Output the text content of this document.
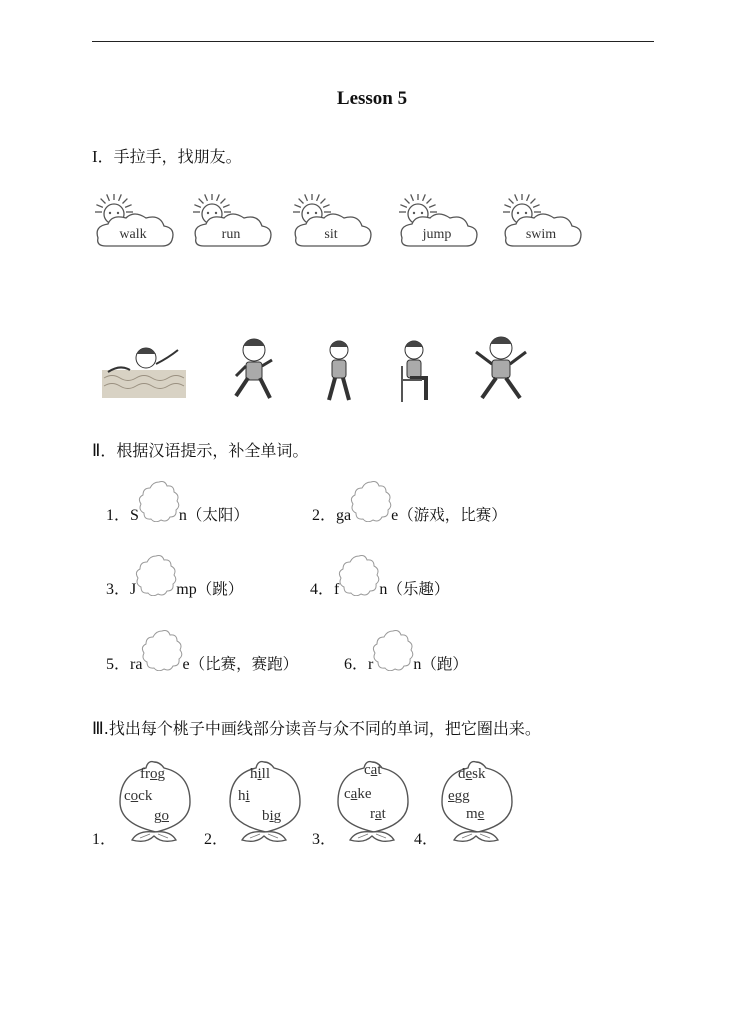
Lesson 5
I．手拉手，找朋友。
walk	run	sit	jump	swim
Ⅱ．根据汉语提示，补全单词。
1．S	n（太阳）	2．ga	e（游戏，比赛）
3．J	mp（跳）	4．f	n（乐趣）
5．ra	e（比赛，赛跑）	6．r	n（跑）
Ⅲ.找出每个桃子中画线部分读音与众不同的单词，把它圈出来。
1．
frog
cock
go
2．
hill
hi
big
3．
cat
cake
rat
4．
desk
egg
me
